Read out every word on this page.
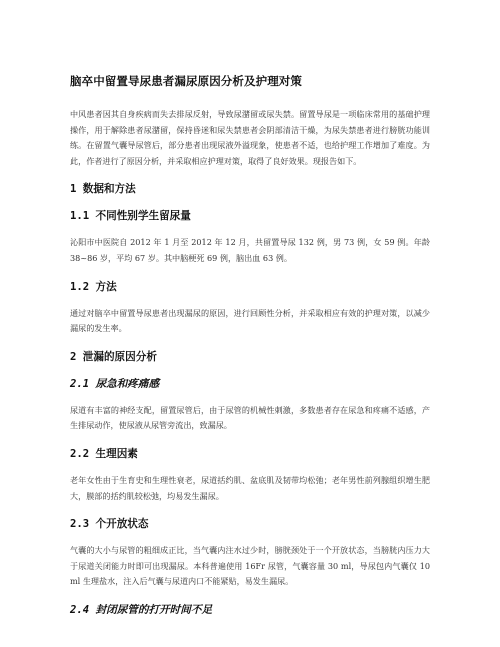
脑卒中留置导尿患者漏尿原因分析及护理对策

中风患者因其自身疾病而失去排尿反射，导致尿潴留或尿失禁。留置导尿是一项临床常用的基础护理操作，用于解除患者尿潴留，保持昏迷和尿失禁患者会阴部清洁干燥，为尿失禁患者进行膀胱功能训练。在留置气囊导尿管后，部分患者出现尿液外溢现象，使患者不适，也给护理工作增加了难度。为此，作者进行了原因分析，并采取相应护理对策，取得了良好效果。现报告如下。

1 数据和方法
1.1 不同性别学生留尿量

沁阳市中医院自 2012 年 1 月至 2012 年 12 月，共留置导尿 132 例，男 73 例，女 59 例。年龄 38~86 岁，平均 67 岁。其中脑梗死 69 例，脑出血 63 例。

1.2 方法

通过对脑卒中留置导尿患者出现漏尿的原因，进行回顾性分析，并采取相应有效的护理对策，以减少漏尿的发生率。

2 泄漏的原因分析
2.1 尿急和疼痛感

尿道有丰富的神经支配，留置尿管后，由于尿管的机械性刺激，多数患者存在尿急和疼痛不适感，产生排尿动作，使尿液从尿管旁流出，致漏尿。

2.2 生理因素

老年女性由于生育史和生理性衰老，尿道括约肌、盆底肌及韧带均松弛；老年男性前列腺组织增生肥大，膜部的括约肌较松弛，均易发生漏尿。

2.3 个开放状态

气囊的大小与尿管的粗细成正比，当气囊内注水过少时，膀胱颈处于一个开放状态，当膀胱内压力大于尿道关闭能力时即可出现漏尿。本科普遍使用 16Fr 尿管，气囊容量 30 ml，导尿包内气囊仅 10 ml 生理盐水，注入后气囊与尿道内口不能紧贴，易发生漏尿。

2.4 封闭尿管的打开时间不足
